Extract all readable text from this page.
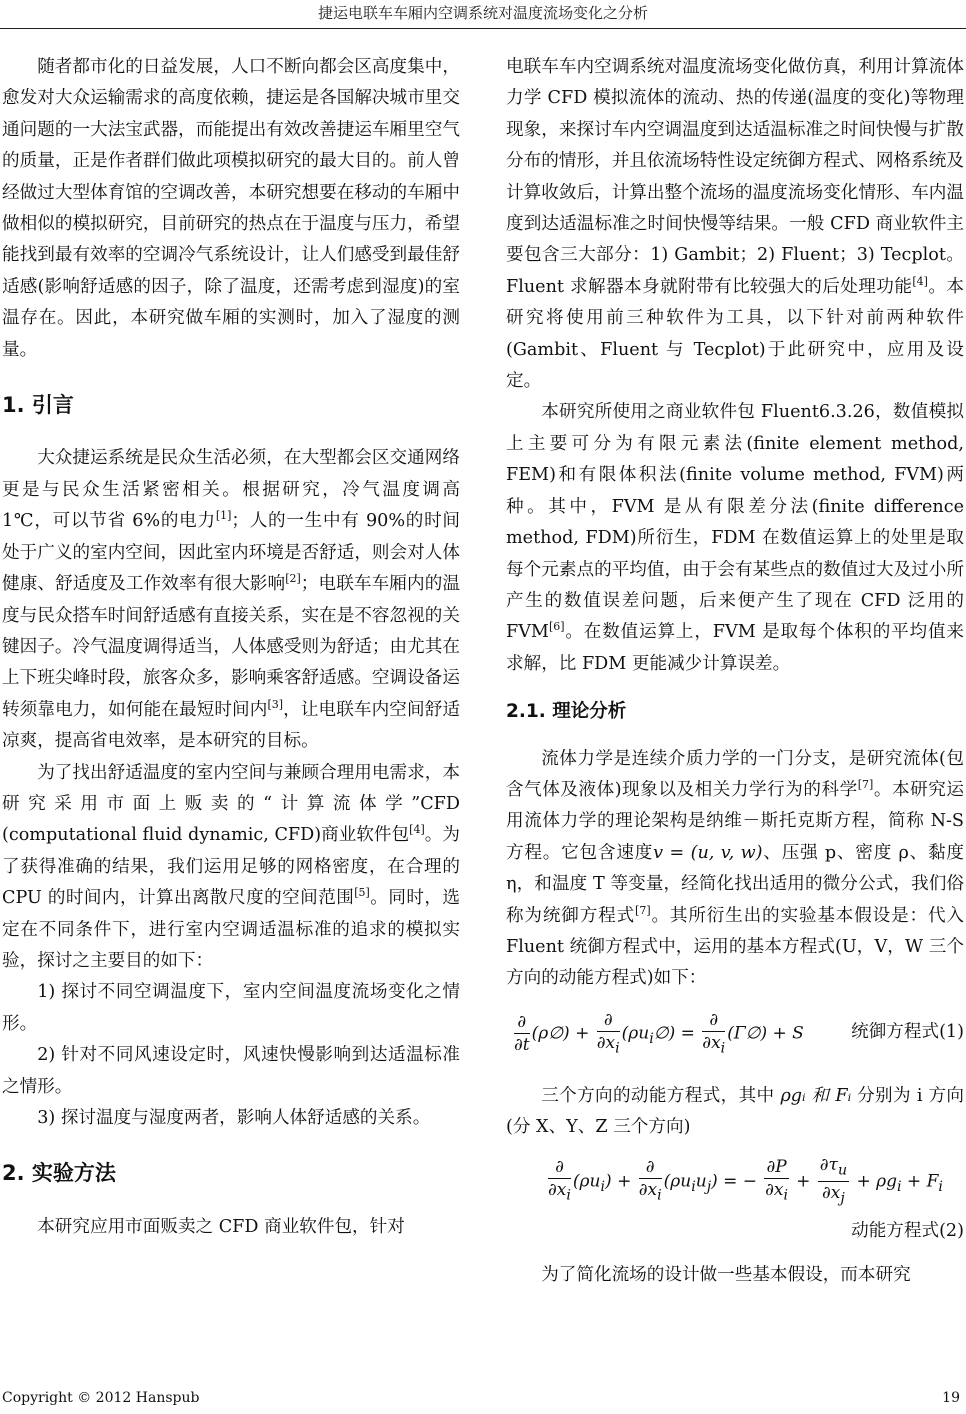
捷运电联车车厢内空调系统对温度流场变化之分析

随者都市化的日益发展，人口不断向都会区高度集中，愈发对大众运输需求的高度依赖，捷运是各国解决城市里交通问题的一大法宝武器，而能提出有效改善捷运车厢里空气的质量，正是作者群们做此项模拟研究的最大目的。前人曾经做过大型体育馆的空调改善，本研究想要在移动的车厢中做相似的模拟研究，目前研究的热点在于温度与压力，希望能找到最有效率的空调冷气系统设计，让人们感受到最佳舒适感(影响舒适感的因子，除了温度，还需考虑到湿度)的室温存在。因此，本研究做车厢的实测时，加入了湿度的测量。

1. 引言

大众捷运系统是民众生活必须，在大型都会区交通网络更是与民众生活紧密相关。根据研究，冷气温度调高 1℃，可以节省 6%的电力[1]；人的一生中有 90%的时间处于广义的室内空间，因此室内环境是否舒适，则会对人体健康、舒适度及工作效率有很大影响[2]；电联车车厢内的温度与民众搭车时间舒适感有直接关系，实在是不容忽视的关键因子。冷气温度调得适当，人体感受则为舒适；由尤其在上下班尖峰时段，旅客众多，影响乘客舒适感。空调设备运转须靠电力，如何能在最短时间内[3]，让电联车内空间舒适凉爽，提高省电效率，是本研究的目标。

为了找出舒适温度的室内空间与兼顾合理用电需求，本研究采用市面上贩卖的“计算流体学”CFD (computational fluid dynamic, CFD)商业软件包[4]。为了获得准确的结果，我们运用足够的网格密度，在合理的 CPU 的时间内，计算出离散尺度的空间范围[5]。同时，选定在不同条件下，进行室内空调适温标准的追求的模拟实验，探讨之主要目的如下：

1) 探讨不同空调温度下，室内空间温度流场变化之情形。

2) 针对不同风速设定时，风速快慢影响到达适温标准之情形。

3) 探讨温度与湿度两者，影响人体舒适感的关系。

2. 实验方法

本研究应用市面贩卖之 CFD 商业软件包，针对

电联车车内空调系统对温度流场变化做仿真，利用计算流体力学 CFD 模拟流体的流动、热的传递(温度的变化)等物理现象，来探讨车内空调温度到达适温标准之时间快慢与扩散分布的情形，并且依流场特性设定统御方程式、网格系统及计算收敛后，计算出整个流场的温度流场变化情形、车内温度到达适温标准之时间快慢等结果。一般 CFD 商业软件主要包含三大部分：1) Gambit；2) Fluent；3) Tecplot。Fluent 求解器本身就附带有比较强大的后处理功能[4]。本研究将使用前三种软件为工具，以下针对前两种软件(Gambit、Fluent 与 Tecplot)于此研究中，应用及设定。

本研究所使用之商业软件包 Fluent6.3.26，数值模拟上主要可分为有限元素法(finite element method, FEM)和有限体积法(finite volume method, FVM)两种。其中，FVM 是从有限差分法(finite difference method, FDM)所衍生，FDM 在数值运算上的处里是取每个元素点的平均值，由于会有某些点的数值过大及过小所产生的数值误差问题，后来便产生了现在 CFD 泛用的 FVM[6]。在数值运算上，FVM 是取每个体积的平均值来求解，比 FDM 更能减少计算误差。

2.1. 理论分析

流体力学是连续介质力学的一门分支，是研究流体(包含气体及液体)现象以及相关力学行为的科学[7]。本研究运用流体力学的理论架构是纳维－斯托克斯方程，简称 N-S 方程。它包含速度v = (u, v, w)、压强 p、密度 ρ、黏度 η，和温度 T 等变量，经简化找出适用的微分公式，我们俗称为统御方程式[7]。其所衍生出的实验基本假设是：代入 Fluent 统御方程式中，运用的基本方程式(U，V，W 三个方向的动能方程式)如下：

$\frac{\partial}{\partial t}$ (ρ∅) + $\frac{\partial}{\partial x_i}$ $(\rho u_i\emptyset) = \frac{\partial}{\partial x_i}$ (Γ∅) + S	统御方程式(1)

三个方向的动能方程式，其中 ρgᵢ 和 Fᵢ 分别为 i 方向(分 X、Y、Z 三个方向)

$\frac{\partial}{\partial x_i} (\rho u_i) + \frac{\partial}{\partial x_i} (\rho u_iu_j)$ = − $\frac{\partial P}{\partial x_i} + \frac{\partial\tau_u}{\partial x_j} + \rho g_i + F_i$
动能方程式(2)

为了简化流场的设计做一些基本假设，而本研究

Copyright © 2012 Hanspub	19
